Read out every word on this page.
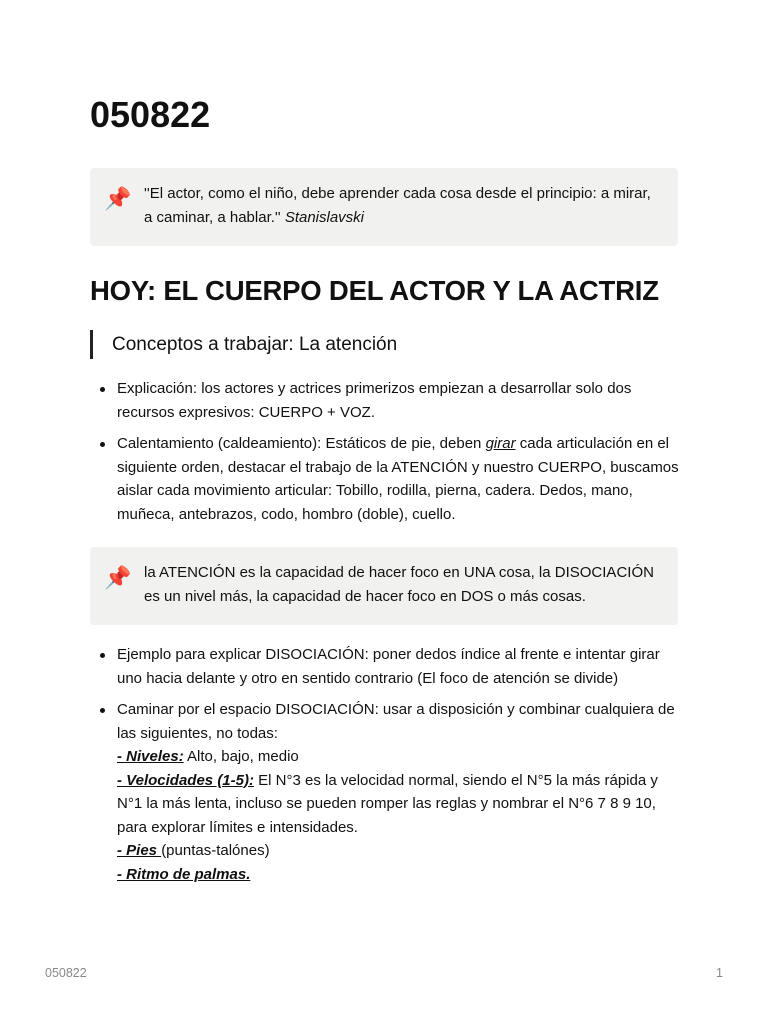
050822
📌 ''El actor, como el niño, debe aprender cada cosa desde el principio: a mirar, a caminar, a hablar.'' Stanislavski
HOY: EL CUERPO DEL ACTOR Y LA ACTRIZ
Conceptos a trabajar: La atención
Explicación: los actores y actrices primerizos empiezan a desarrollar solo dos recursos expresivos: CUERPO + VOZ.
Calentamiento (caldeamiento): Estáticos de pie, deben girar cada articulación en el siguiente orden, destacar el trabajo de la ATENCIÓN y nuestro CUERPO, buscamos aislar cada movimiento articular: Tobillo, rodilla, pierna, cadera. Dedos, mano, muñeca, antebrazos, codo, hombro (doble), cuello.
📌 la ATENCIÓN es la capacidad de hacer foco en UNA cosa, la DISOCIACIÓN es un nivel más, la capacidad de hacer foco en DOS o más cosas.
Ejemplo para explicar DISOCIACIÓN: poner dedos índice al frente e intentar girar uno hacia delante y otro en sentido contrario (El foco de atención se divide)
Caminar por el espacio DISOCIACIÓN: usar a disposición y combinar cualquiera de las siguientes, no todas:
- Niveles: Alto, bajo, medio
- Velocidades (1-5): El N°3 es la velocidad normal, siendo el N°5 la más rápida y N°1 la más lenta, incluso se pueden romper las reglas y nombrar el N°6 7 8 9 10, para explorar límites e intensidades.
- Pies (puntas-talónes)
- Ritmo de palmas.
050822	1
